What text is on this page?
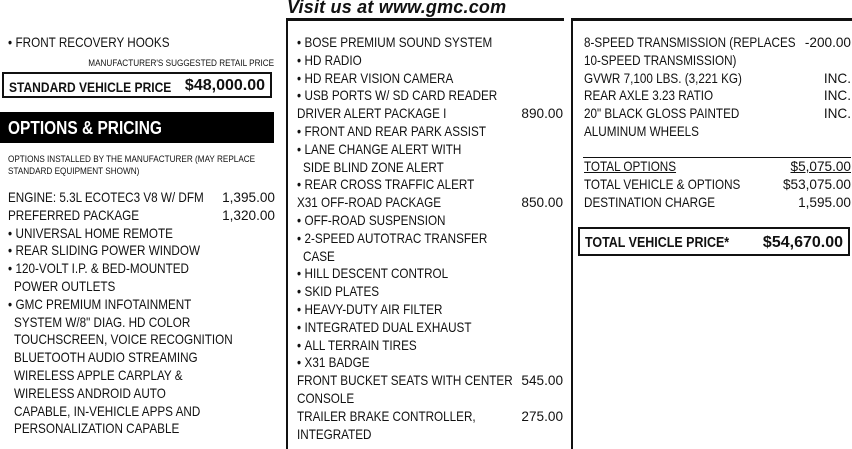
Visit us at www.gmc.com
• FRONT RECOVERY HOOKS
MANUFACTURER'S SUGGESTED RETAIL PRICE
STANDARD VEHICLE PRICE $48,000.00
OPTIONS & PRICING
OPTIONS INSTALLED BY THE MANUFACTURER (MAY REPLACE
STANDARD EQUIPMENT SHOWN)
ENGINE: 5.3L ECOTEC3 V8 W/ DFM 1,395.00
PREFERRED PACKAGE	1,320.00
• UNIVERSAL HOME REMOTE
• REAR SLIDING POWER WINDOW
• 120-VOLT I.P. & BED-MOUNTED
POWER OUTLETS
• GMC PREMIUM INFOTAINMENT
SYSTEM W/8" DIAG. HD COLOR
TOUCHSCREEN, VOICE RECOGNITION
BLUETOOTH AUDIO STREAMING
WIRELESS APPLE CARPLAY &
WIRELESS ANDROID AUTO
CAPABLE, IN-VEHICLE APPS AND
PERSONALIZATION CAPABLE
• BOSE PREMIUM SOUND SYSTEM
• HD RADIO
• HD REAR VISION CAMERA
• USB PORTS W/ SD CARD READER
DRIVER ALERT PACKAGE I	890.00
• FRONT AND REAR PARK ASSIST
• LANE CHANGE ALERT WITH
SIDE BLIND ZONE ALERT
• REAR CROSS TRAFFIC ALERT
X31 OFF-ROAD PACKAGE	850.00
• OFF-ROAD SUSPENSION
• 2-SPEED AUTOTRAC TRANSFER
CASE
• HILL DESCENT CONTROL
• SKID PLATES
• HEAVY-DUTY AIR FILTER
• INTEGRATED DUAL EXHAUST
• ALL TERRAIN TIRES
• X31 BADGE
FRONT BUCKET SEATS WITH CENTER 545.00
CONSOLE
TRAILER BRAKE CONTROLLER,	275.00
INTEGRATED
8-SPEED TRANSMISSION (REPLACES -200.00
10-SPEED TRANSMISSION)
GVWR 7,100 LBS. (3,221 KG)	INC.
REAR AXLE 3.23 RATIO	INC.
20" BLACK GLOSS PAINTED	INC.
ALUMINUM WHEELS
TOTAL OPTIONS	$5,075.00
TOTAL VEHICLE & OPTIONS	$53,075.00
DESTINATION CHARGE	1,595.00
TOTAL VEHICLE PRICE* $54,670.00
